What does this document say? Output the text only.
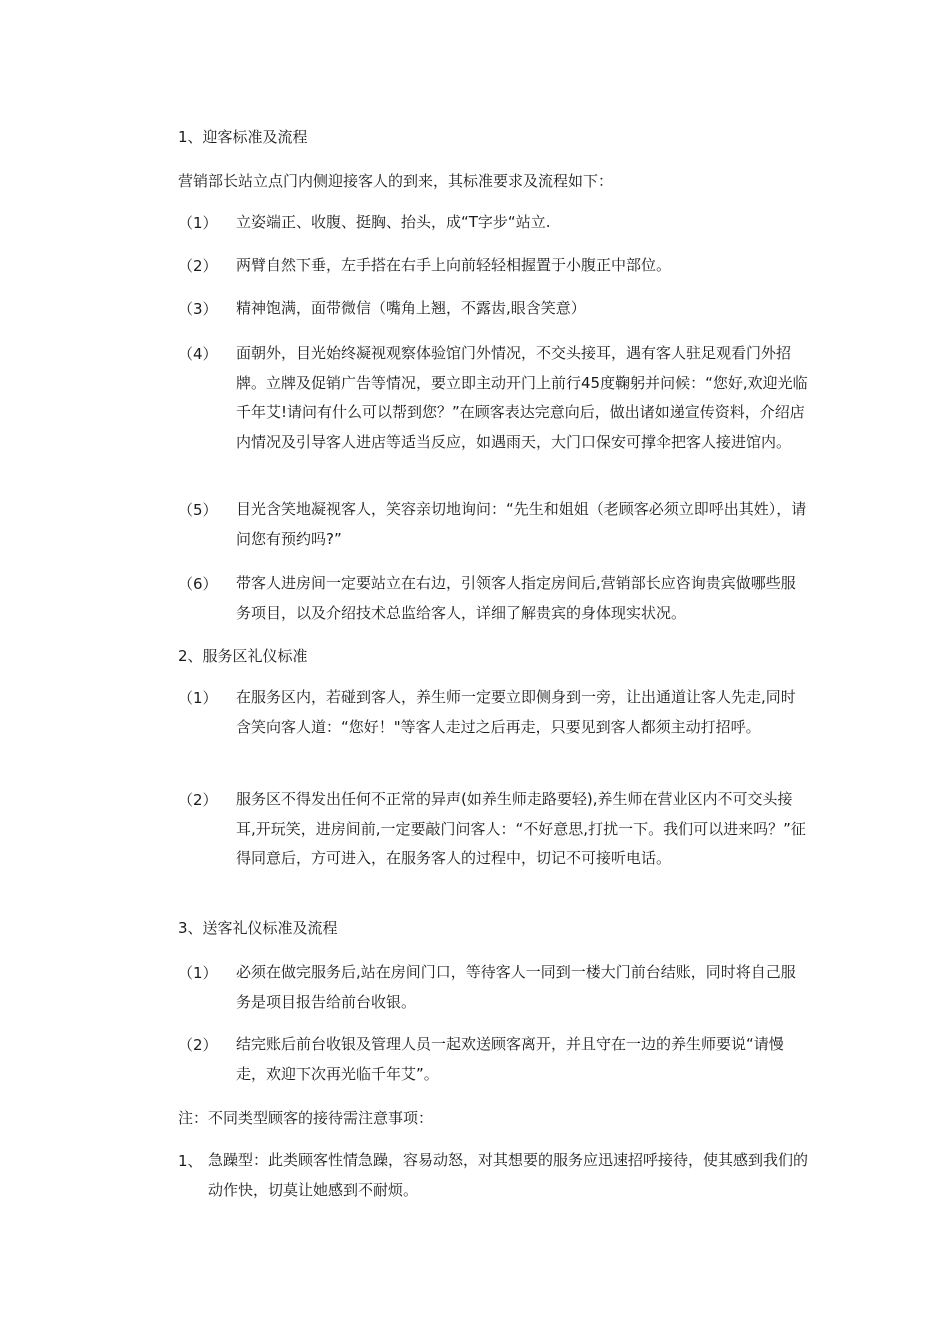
1、迎客标准及流程
营销部长站立点门内侧迎接客人的到来，其标准要求及流程如下：
（1） 立姿端正、收腹、挺胸、抬头，成“T字步“站立.
（2） 两臂自然下垂，左手搭在右手上向前轻轻相握置于小腹正中部位。
（3） 精神饱满，面带微信（嘴角上翘，不露齿,眼含笑意）
（4） 面朝外，目光始终凝视观察体验馆门外情况，不交头接耳，遇有客人驻足观看门外招牌。立牌及促销广告等情况，要立即主动开门上前行45度鞠躬并问候：“您好,欢迎光临千年艾!请问有什么可以帮到您？”在顾客表达完意向后，做出诸如递宣传资料，介绍店内情况及引导客人进店等适当反应，如遇雨天，大门口保安可撑伞把客人接进馆内。
（5） 目光含笑地凝视客人，笑容亲切地询问：“先生和姐姐（老顾客必须立即呼出其姓），请问您有预约吗?”
（6） 带客人进房间一定要站立在右边，引领客人指定房间后,营销部长应咨询贵宾做哪些服务项目，以及介绍技术总监给客人，详细了解贵宾的身体现实状况。
2、服务区礼仪标准
（1） 在服务区内，若碰到客人，养生师一定要立即侧身到一旁，让出通道让客人先走,同时含笑向客人道：“您好！"等客人走过之后再走，只要见到客人都须主动打招呼。
（2） 服务区不得发出任何不正常的异声(如养生师走路要轻),养生师在营业区内不可交头接耳,开玩笑，进房间前,一定要敲门问客人：“不好意思,打扰一下。我们可以进来吗？”征得同意后，方可进入，在服务客人的过程中，切记不可接听电话。
3、送客礼仪标准及流程
（1） 必须在做完服务后,站在房间门口，等待客人一同到一楼大门前台结账，同时将自己服务是项目报告给前台收银。
（2） 结完账后前台收银及管理人员一起欢送顾客离开，并且守在一边的养生师要说“请慢走，欢迎下次再光临千年艾”。
注：不同类型顾客的接待需注意事项：
1、 急躁型：此类顾客性情急躁，容易动怒，对其想要的服务应迅速招呼接待，使其感到我们的动作快，切莫让她感到不耐烦。
